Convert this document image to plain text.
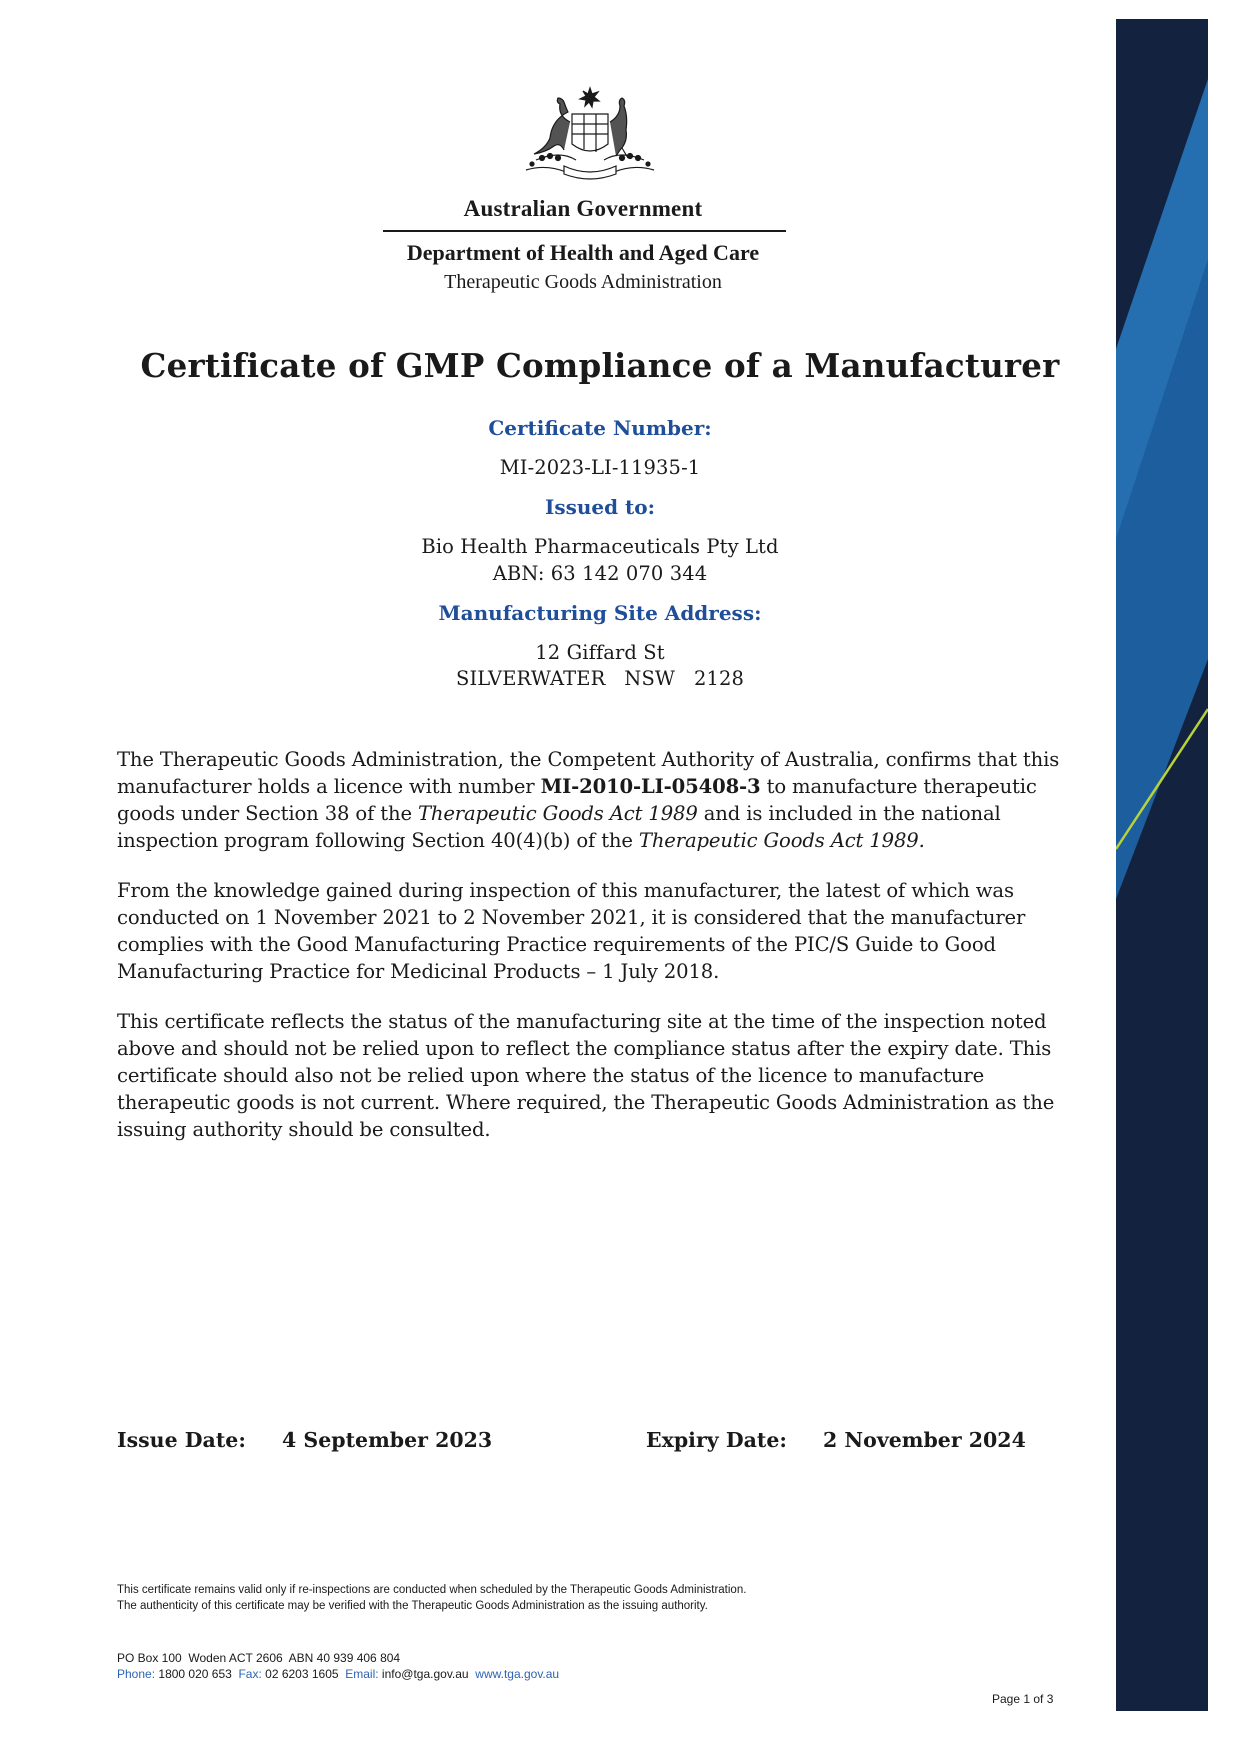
Australian Government
Department of Health and Aged Care
Therapeutic Goods Administration
Certificate of GMP Compliance of a Manufacturer
Certificate Number:
MI-2023-LI-11935-1
Issued to:
Bio Health Pharmaceuticals Pty Ltd
ABN: 63 142 070 344
Manufacturing Site Address:
12 Giffard St
SILVERWATER   NSW   2128

The Therapeutic Goods Administration, the Competent Authority of Australia, confirms that this manufacturer holds a licence with number MI-2010-LI-05408-3 to manufacture therapeutic goods under Section 38 of the Therapeutic Goods Act 1989 and is included in the national inspection program following Section 40(4)(b) of the Therapeutic Goods Act 1989.

From the knowledge gained during inspection of this manufacturer, the latest of which was conducted on 1 November 2021 to 2 November 2021, it is considered that the manufacturer complies with the Good Manufacturing Practice requirements of the PIC/S Guide to Good Manufacturing Practice for Medicinal Products – 1 July 2018.

This certificate reflects the status of the manufacturing site at the time of the inspection noted above and should not be relied upon to reflect the compliance status after the expiry date. This certificate should also not be relied upon where the status of the licence to manufacture therapeutic goods is not current. Where required, the Therapeutic Goods Administration as the issuing authority should be consulted.

Issue Date: 4 September 2023	Expiry Date: 2 November 2024
This certificate remains valid only if re-inspections are conducted when scheduled by the Therapeutic Goods Administration.
The authenticity of this certificate may be verified with the Therapeutic Goods Administration as the issuing authority.
PO Box 100  Woden ACT 2606  ABN 40 939 406 804
Phone: 1800 020 653 Fax: 02 6203 1605 Email: info@tga.gov.au www.tga.gov.au
Page 1 of 3
